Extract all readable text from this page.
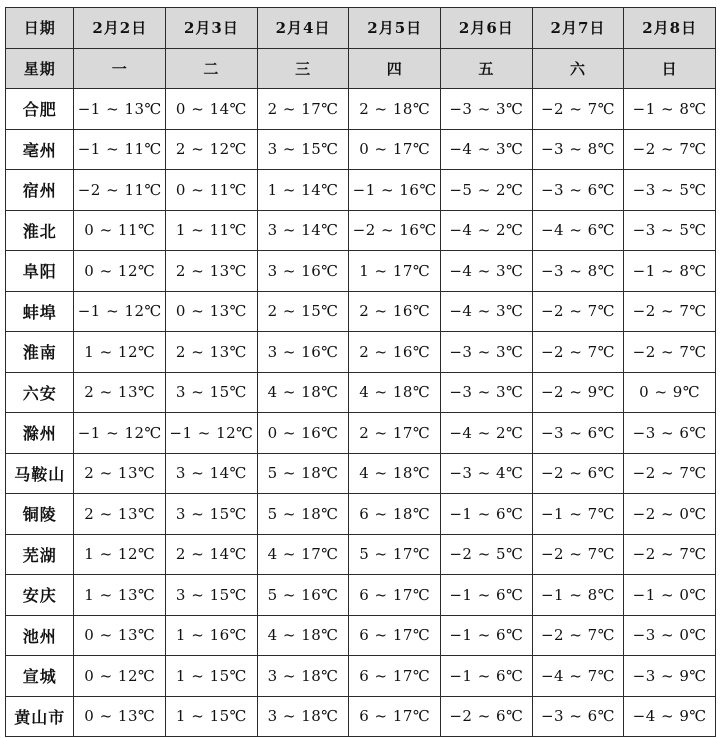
日期	2月2日	2月3日	2月4日	2月5日	2月6日	2月7日	2月8日
星期	一	二	三	四	五	六	日
合肥	−1 ~ 13℃	0 ~ 14℃	2 ~ 17℃	2 ~ 18℃	−3 ~ 3℃	−2 ~ 7℃	−1 ~ 8℃
亳州	−1 ~ 11℃	2 ~ 12℃	3 ~ 15℃	0 ~ 17℃	−4 ~ 3℃	−3 ~ 8℃	−2 ~ 7℃
宿州	−2 ~ 11℃	0 ~ 11℃	1 ~ 14℃	−1 ~ 16℃	−5 ~ 2℃	−3 ~ 6℃	−3 ~ 5℃
淮北	0 ~ 11℃	1 ~ 11℃	3 ~ 14℃	−2 ~ 16℃	−4 ~ 2℃	−4 ~ 6℃	−3 ~ 5℃
阜阳	0 ~ 12℃	2 ~ 13℃	3 ~ 16℃	1 ~ 17℃	−4 ~ 3℃	−3 ~ 8℃	−1 ~ 8℃
蚌埠	−1 ~ 12℃	0 ~ 13℃	2 ~ 15℃	2 ~ 16℃	−4 ~ 3℃	−2 ~ 7℃	−2 ~ 7℃
淮南	1 ~ 12℃	2 ~ 13℃	3 ~ 16℃	2 ~ 16℃	−3 ~ 3℃	−2 ~ 7℃	−2 ~ 7℃
六安	2 ~ 13℃	3 ~ 15℃	4 ~ 18℃	4 ~ 18℃	−3 ~ 3℃	−2 ~ 9℃	0 ~ 9℃
滁州	−1 ~ 12℃	−1 ~ 12℃	0 ~ 16℃	2 ~ 17℃	−4 ~ 2℃	−3 ~ 6℃	−3 ~ 6℃
马鞍山	2 ~ 13℃	3 ~ 14℃	5 ~ 18℃	4 ~ 18℃	−3 ~ 4℃	−2 ~ 6℃	−2 ~ 7℃
铜陵	2 ~ 13℃	3 ~ 15℃	5 ~ 18℃	6 ~ 18℃	−1 ~ 6℃	−1 ~ 7℃	−2 ~ 0℃
芜湖	1 ~ 12℃	2 ~ 14℃	4 ~ 17℃	5 ~ 17℃	−2 ~ 5℃	−2 ~ 7℃	−2 ~ 7℃
安庆	1 ~ 13℃	3 ~ 15℃	5 ~ 16℃	6 ~ 17℃	−1 ~ 6℃	−1 ~ 8℃	−1 ~ 0℃
池州	0 ~ 13℃	1 ~ 16℃	4 ~ 18℃	6 ~ 17℃	−1 ~ 6℃	−2 ~ 7℃	−3 ~ 0℃
宣城	0 ~ 12℃	1 ~ 15℃	3 ~ 18℃	6 ~ 17℃	−1 ~ 6℃	−4 ~ 7℃	−3 ~ 9℃
黄山市	0 ~ 13℃	1 ~ 15℃	3 ~ 18℃	6 ~ 17℃	−2 ~ 6℃	−3 ~ 6℃	−4 ~ 9℃
